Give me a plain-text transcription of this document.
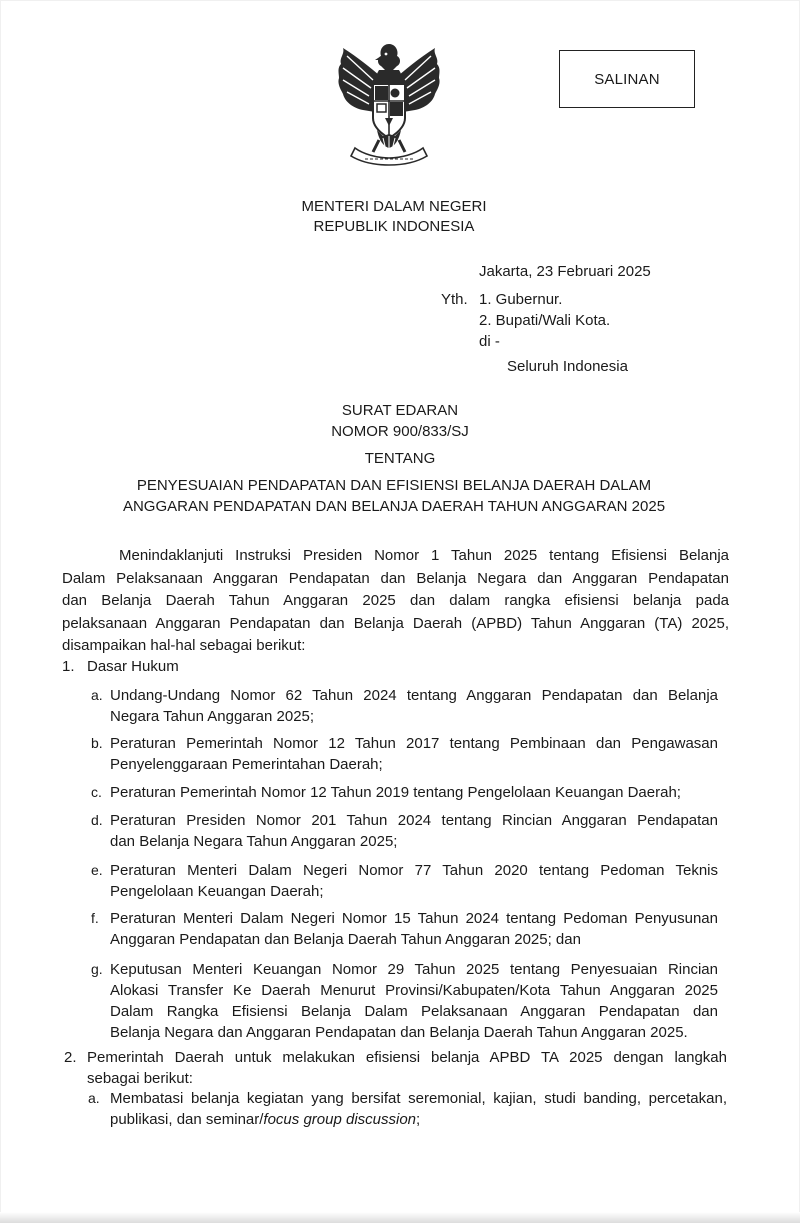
SALINAN
MENTERI DALAM NEGERI
REPUBLIK INDONESIA
Jakarta, 23 Februari 2025
Yth. 1. Gubernur.
2. Bupati/Wali Kota.
di -
Seluruh Indonesia
SURAT EDARAN
NOMOR 900/833/SJ
TENTANG
PENYESUAIAN PENDAPATAN DAN EFISIENSI BELANJA DAERAH DALAM
ANGGARAN PENDAPATAN DAN BELANJA DAERAH TAHUN ANGGARAN 2025
Menindaklanjuti Instruksi Presiden Nomor 1 Tahun 2025 tentang Efisiensi Belanja
Dalam Pelaksanaan Anggaran Pendapatan dan Belanja Negara dan Anggaran Pendapatan
dan Belanja Daerah Tahun Anggaran 2025 dan dalam rangka efisiensi belanja pada
pelaksanaan Anggaran Pendapatan dan Belanja Daerah (APBD) Tahun Anggaran (TA) 2025,
disampaikan hal-hal sebagai berikut:
1. Dasar Hukum
a. Undang-Undang Nomor 62 Tahun 2024 tentang Anggaran Pendapatan dan Belanja
Negara Tahun Anggaran 2025;
b. Peraturan Pemerintah Nomor 12 Tahun 2017 tentang Pembinaan dan Pengawasan
Penyelenggaraan Pemerintahan Daerah;
c. Peraturan Pemerintah Nomor 12 Tahun 2019 tentang Pengelolaan Keuangan Daerah;
d. Peraturan Presiden Nomor 201 Tahun 2024 tentang Rincian Anggaran Pendapatan
dan Belanja Negara Tahun Anggaran 2025;
e. Peraturan Menteri Dalam Negeri Nomor 77 Tahun 2020 tentang Pedoman Teknis
Pengelolaan Keuangan Daerah;
f. Peraturan Menteri Dalam Negeri Nomor 15 Tahun 2024 tentang Pedoman Penyusunan
Anggaran Pendapatan dan Belanja Daerah Tahun Anggaran 2025; dan
g. Keputusan Menteri Keuangan Nomor 29 Tahun 2025 tentang Penyesuaian Rincian
Alokasi Transfer Ke Daerah Menurut Provinsi/Kabupaten/Kota Tahun Anggaran 2025
Dalam Rangka Efisiensi Belanja Dalam Pelaksanaan Anggaran Pendapatan dan
Belanja Negara dan Anggaran Pendapatan dan Belanja Daerah Tahun Anggaran 2025.
2. Pemerintah Daerah untuk melakukan efisiensi belanja APBD TA 2025 dengan langkah
sebagai berikut:
a. Membatasi belanja kegiatan yang bersifat seremonial, kajian, studi banding, percetakan,
publikasi, dan seminar/focus group discussion;
